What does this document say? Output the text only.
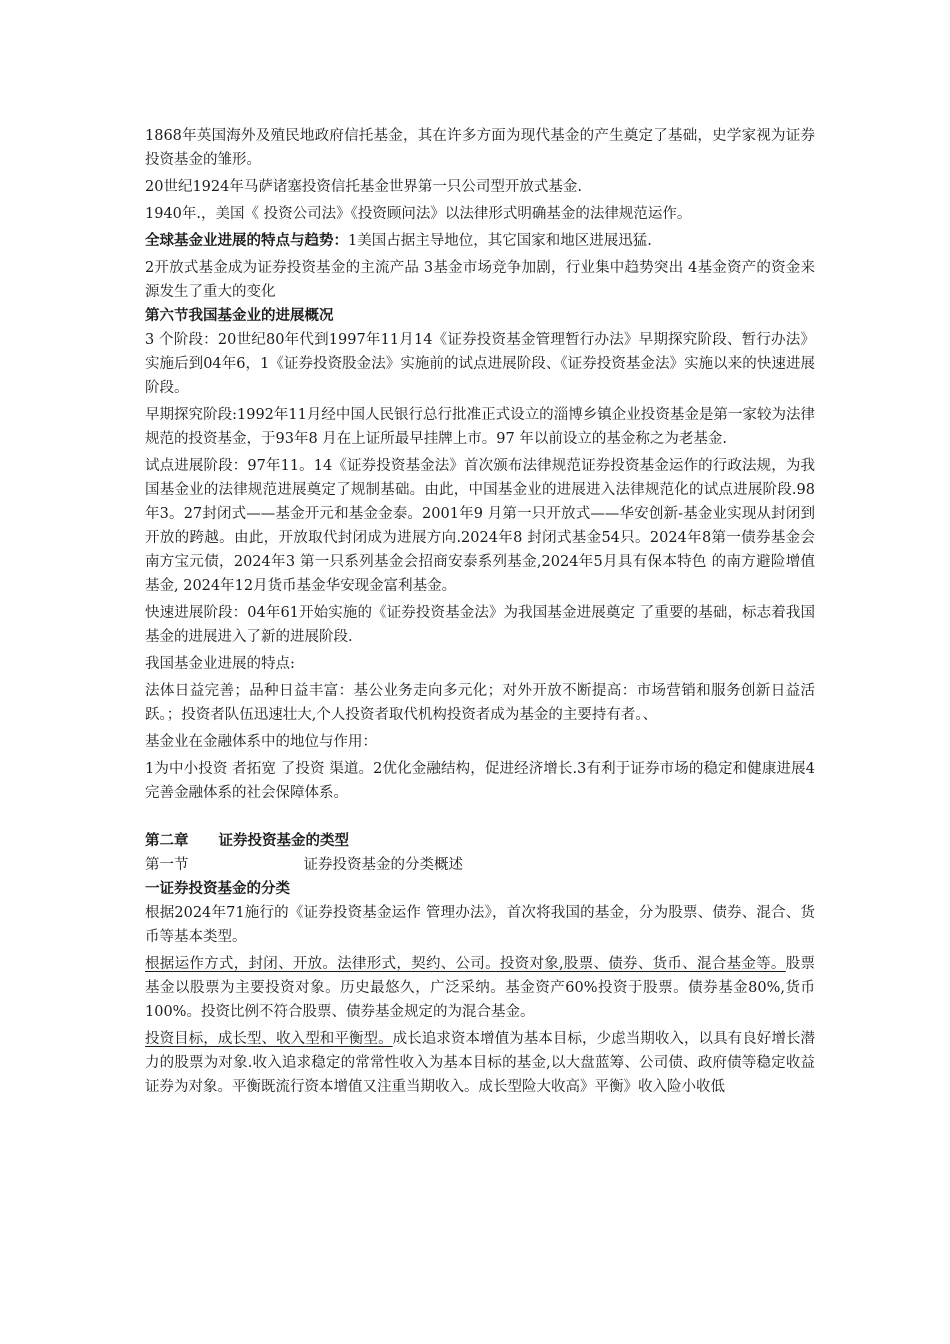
1868年英国海外及殖民地政府信托基金，其在许多方面为现代基金的产生奠定了基础，史学家视为证券投资基金的雏形。

20世纪1924年马萨诸塞投资信托基金世界第一只公司型开放式基金.

1940年.，美国《 投资公司法》《投资顾问法》以法律形式明确基金的法律规范运作。

全球基金业进展的特点与趋势：1美国占据主导地位，其它国家和地区进展迅猛.

2开放式基金成为证券投资基金的主流产品 3基金市场竞争加剧，行业集中趋势突出 4基金资产的资金来源发生了重大的变化

第六节我国基金业的进展概况

3 个阶段：20世纪80年代到1997年11月14《证券投资基金管理暂行办法》早期探究阶段、暂行办法》实施后到04年6，1《证券投资股金法》实施前的试点进展阶段、《证券投资基金法》实施以来的快速进展 阶段。

早期探究阶段:1992年11月经中国人民银行总行批准正式设立的淄博乡镇企业投资基金是第一家较为法律规范的投资基金，于93年8 月在上证所最早挂牌上市。97 年以前设立的基金称之为老基金.

试点进展阶段：97年11。14《证券投资基金法》首次颁布法律规范证券投资基金运作的行政法规，为我国基金业的法律规范进展奠定了规制基础。由此，中国基金业的进展进入法律规范化的试点进展阶段.98年3。27封闭式——基金开元和基金金泰。2001年9 月第一只开放式——华安创新-基金业实现从封闭到开放的跨越。由此，开放取代封闭成为进展方向.2024年8 封闭式基金54只。2024年8第一债券基金会南方宝元债，2024年3 第一只系列基金会招商安泰系列基金,2024年5月具有保本特色 的南方避险增值基金, 2024年12月货币基金华安现金富利基金。

快速进展阶段：04年61开始实施的《证券投资基金法》为我国基金进展奠定 了重要的基础，标志着我国基金的进展进入了新的进展阶段.

我国基金业进展的特点:

法体日益完善；品种日益丰富：基公业务走向多元化；对外开放不断提高：市场营销和服务创新日益活跃。；投资者队伍迅速壮大,个人投资者取代机构投资者成为基金的主要持有者。、

基金业在金融体系中的地位与作用：

1为中小投资 者拓宽 了投资 渠道。2优化金融结构，促进经济增长.3有利于证券市场的稳定和健康进展4完善金融体系的社会保障体系。

第二章 证券投资基金的类型

第一节	证券投资基金的分类概述

一证券投资基金的分类

根据2024年71施行的《证券投资基金运作 管理办法》，首次将我国的基金，分为股票、债券、混合、货币等基本类型。

根据运作方式，封闭、开放。法律形式，契约、公司。投资对象,股票、债券、货币、混合基金等。股票基金以股票为主要投资对象。历史最悠久，广泛采纳。基金资产60%投资于股票。债券基金80%,货币100%。投资比例不符合股票、债券基金规定的为混合基金。

投资目标，成长型、收入型和平衡型。成长追求资本增值为基本目标，少虑当期收入，以具有良好增长潜力的股票为对象.收入追求稳定的常常性收入为基本目标的基金,以大盘蓝筹、公司债、政府债等稳定收益证券为对象。平衡既流行资本增值又注重当期收入。成长型险大收高》平衡》收入险小收低
